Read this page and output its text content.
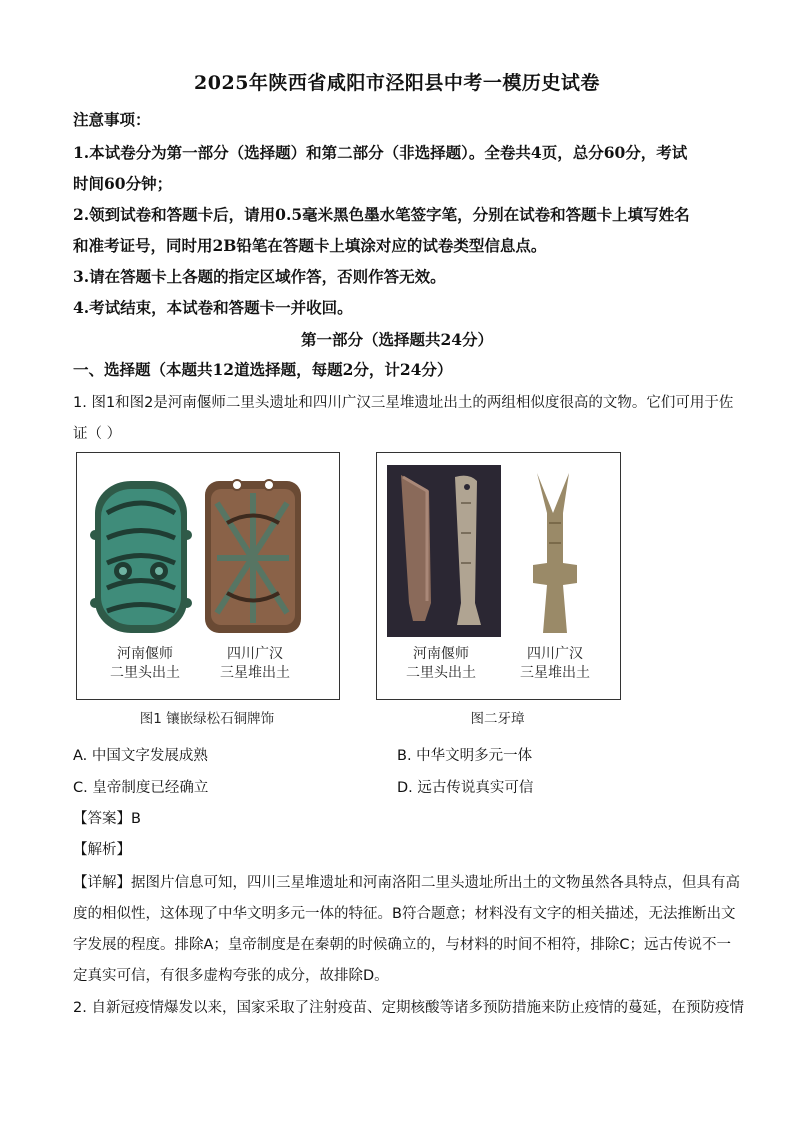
2025年陕西省咸阳市泾阳县中考一模历史试卷
注意事项：
1.本试卷分为第一部分（选择题）和第二部分（非选择题）。全卷共4页，总分60分，考试
时间60分钟；
2.领到试卷和答题卡后，请用0.5毫米黑色墨水笔签字笔，分别在试卷和答题卡上填写姓名
和准考证号，同时用2B铅笔在答题卡上填涂对应的试卷类型信息点。
3.请在答题卡上各题的指定区域作答，否则作答无效。
4.考试结束，本试卷和答题卡一并收回。
第一部分（选择题共24分）
一、选择题（本题共12道选择题，每题2分，计24分）
1. 图1和图2是河南偃师二里头遗址和四川广汉三星堆遗址出土的两组相似度很高的文物。它们可用于佐
证（ ）
河南偃师
二里头出土
四川广汉
三星堆出土
图1 镶嵌绿松石铜牌饰
河南偃师
二里头出土
四川广汉
三星堆出土
图二牙璋
A. 中国文字发展成熟	B. 中华文明多元一体
C. 皇帝制度已经确立	D. 远古传说真实可信
【答案】B
【解析】
【详解】据图片信息可知，四川三星堆遗址和河南洛阳二里头遗址所出土的文物虽然各具特点，但具有高
度的相似性，这体现了中华文明多元一体的特征。B符合题意；材料没有文字的相关描述，无法推断出文
字发展的程度。排除A；皇帝制度是在秦朝的时候确立的，与材料的时间不相符，排除C；远古传说不一
定真实可信，有很多虚构夸张的成分，故排除D。
2. 自新冠疫情爆发以来，国家采取了注射疫苗、定期核酸等诸多预防措施来防止疫情的蔓延，在预防疫情
